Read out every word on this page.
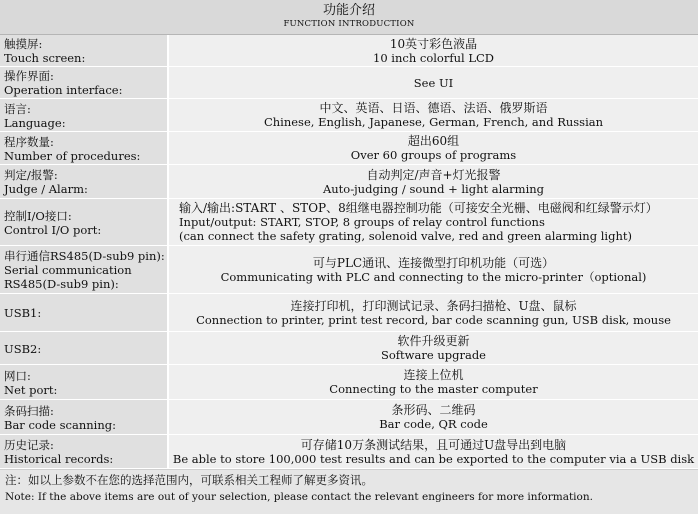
功能介绍
FUNCTION INTRODUCTION
触摸屏:
Touch screen:
10英寸彩色液晶
10 inch colorful LCD
操作界面:
Operation interface:
See UI
语言:
Language:
中文、英语、日语、德语、法语、俄罗斯语
Chinese, English, Japanese, German, French, and Russian
程序数量:
Number of procedures:
超出60组
Over 60 groups of programs
判定/报警:
Judge / Alarm:
自动判定/声音+灯光报警
Auto-judging / sound + light alarming
控制I/O接口:
Control I/O port:
输入/输出:START 、STOP、8组继电器控制功能（可接安全光栅、电磁阀和红绿警示灯）
Input/output: START, STOP, 8 groups of relay control functions
(can connect the safety grating, solenoid valve, red and green alarming light)
串行通信RS485(D-sub9 pin):
Serial communication
RS485(D-sub9 pin):
可与PLC通讯、连接微型打印机功能（可选）
Communicating with PLC and connecting to the micro-printer（optional)
USB1:
连接打印机，打印测试记录、条码扫描枪、U盘、鼠标
Connection to printer, print test record, bar code scanning gun, USB disk, mouse
USB2:
软件升级更新
Software upgrade
网口:
Net port:
连接上位机
Connecting to the master computer
条码扫描:
Bar code scanning:
条形码、二维码
Bar code, QR code
历史记录:
Historical records:
可存储10万条测试结果，且可通过U盘导出到电脑
Be able to store 100,000 test results and can be exported to the computer via a USB disk
注：如以上参数不在您的选择范围内，可联系相关工程师了解更多资讯。
Note: If the above items are out of your selection, please contact the relevant engineers for more information.
